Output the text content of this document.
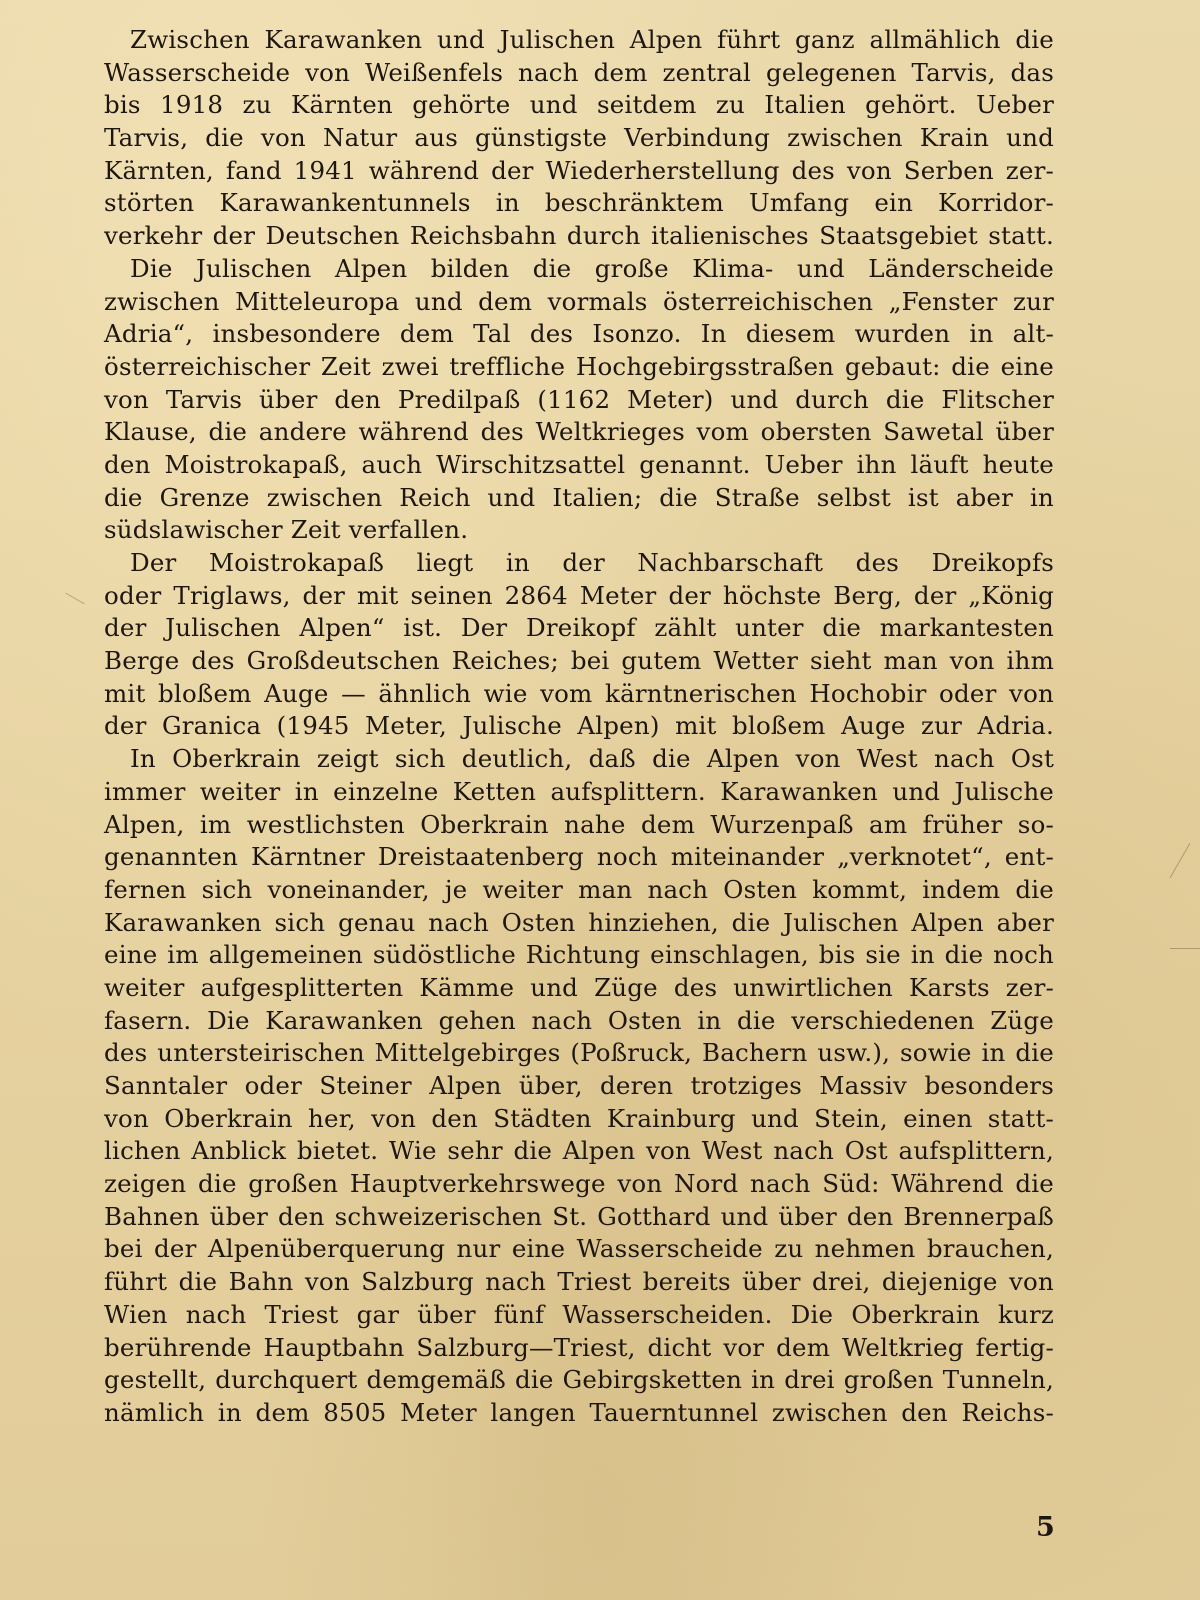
Zwischen Karawanken und Julischen Alpen führt ganz allmählich die
Wasserscheide von Weißenfels nach dem zentral gelegenen Tarvis, das
bis 1918 zu Kärnten gehörte und seitdem zu Italien gehört. Ueber
Tarvis, die von Natur aus günstigste Verbindung zwischen Krain und
Kärnten, fand 1941 während der Wiederherstellung des von Serben zer-
störten Karawankentunnels in beschränktem Umfang ein Korridor-
verkehr der Deutschen Reichsbahn durch italienisches Staatsgebiet statt.
Die Julischen Alpen bilden die große Klima- und Länderscheide
zwischen Mitteleuropa und dem vormals österreichischen „Fenster zur
Adria“, insbesondere dem Tal des Isonzo. In diesem wurden in alt-
österreichischer Zeit zwei treffliche Hochgebirgsstraßen gebaut: die eine
von Tarvis über den Predilpaß (1162 Meter) und durch die Flitscher
Klause, die andere während des Weltkrieges vom obersten Sawetal über
den Moistrokapaß, auch Wirschitzsattel genannt. Ueber ihn läuft heute
die Grenze zwischen Reich und Italien; die Straße selbst ist aber in
südslawischer Zeit verfallen.
Der Moistrokapaß liegt in der Nachbarschaft des Dreikopfs
oder Triglaws, der mit seinen 2864 Meter der höchste Berg, der „König
der Julischen Alpen“ ist. Der Dreikopf zählt unter die markantesten
Berge des Großdeutschen Reiches; bei gutem Wetter sieht man von ihm
mit bloßem Auge — ähnlich wie vom kärntnerischen Hochobir oder von
der Granica (1945 Meter, Julische Alpen) mit bloßem Auge zur Adria.
In Oberkrain zeigt sich deutlich, daß die Alpen von West nach Ost
immer weiter in einzelne Ketten aufsplittern. Karawanken und Julische
Alpen, im westlichsten Oberkrain nahe dem Wurzenpaß am früher so-
genannten Kärntner Dreistaatenberg noch miteinander „verknotet“, ent-
fernen sich voneinander, je weiter man nach Osten kommt, indem die
Karawanken sich genau nach Osten hinziehen, die Julischen Alpen aber
eine im allgemeinen südöstliche Richtung einschlagen, bis sie in die noch
weiter aufgesplitterten Kämme und Züge des unwirtlichen Karsts zer-
fasern. Die Karawanken gehen nach Osten in die verschiedenen Züge
des untersteirischen Mittelgebirges (Poßruck, Bachern usw.), sowie in die
Sanntaler oder Steiner Alpen über, deren trotziges Massiv besonders
von Oberkrain her, von den Städten Krainburg und Stein, einen statt-
lichen Anblick bietet. Wie sehr die Alpen von West nach Ost aufsplittern,
zeigen die großen Hauptverkehrswege von Nord nach Süd: Während die
Bahnen über den schweizerischen St. Gotthard und über den Brennerpaß
bei der Alpenüberquerung nur eine Wasserscheide zu nehmen brauchen,
führt die Bahn von Salzburg nach Triest bereits über drei, diejenige von
Wien nach Triest gar über fünf Wasserscheiden. Die Oberkrain kurz
berührende Hauptbahn Salzburg—Triest, dicht vor dem Weltkrieg fertig-
gestellt, durchquert demgemäß die Gebirgsketten in drei großen Tunneln,
nämlich in dem 8505 Meter langen Tauerntunnel zwischen den Reichs-
5
